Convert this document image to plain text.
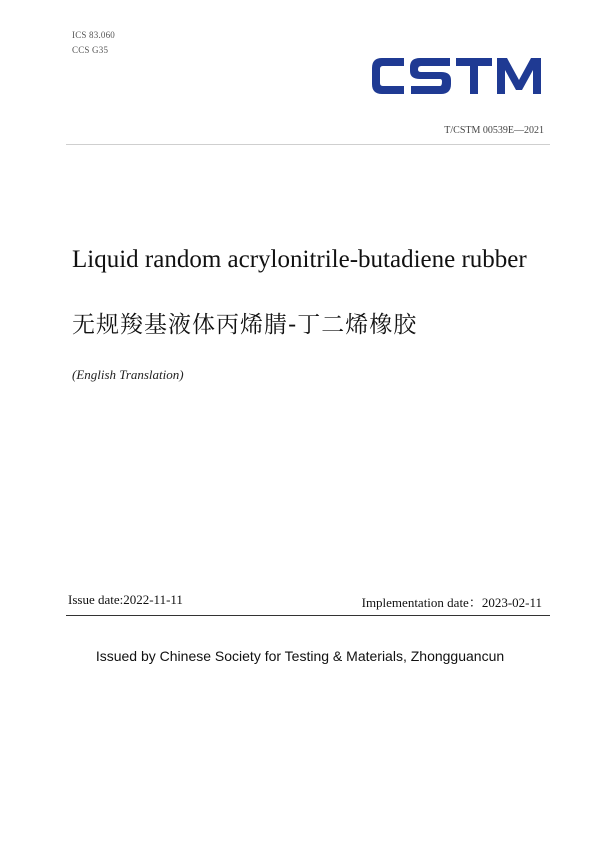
ICS 83.060
CCS G35
T/CSTM 00539E—2021
Liquid random acrylonitrile-butadiene rubber
无规羧基液体丙烯腈-丁二烯橡胶
(English Translation)
Issue date:2022-11-11	Implementation date：2023-02-11
Issued by Chinese Society for Testing & Materials, Zhongguancun
